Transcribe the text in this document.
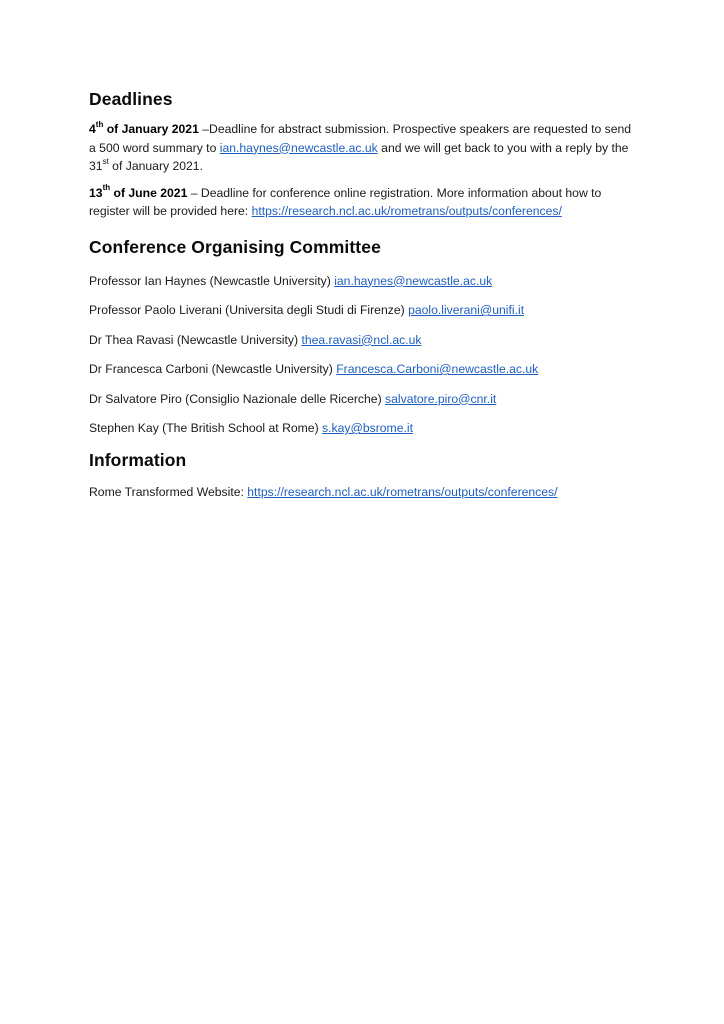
Deadlines

4th of January 2021 –Deadline for abstract submission. Prospective speakers are requested to send a 500 word summary to ian.haynes@newcastle.ac.uk and we will get back to you with a reply by the 31st of January 2021.

13th of June 2021 – Deadline for conference online registration. More information about how to register will be provided here: https://research.ncl.ac.uk/rometrans/outputs/conferences/

Conference Organising Committee

Professor Ian Haynes (Newcastle University) ian.haynes@newcastle.ac.uk

Professor Paolo Liverani (Universita degli Studi di Firenze) paolo.liverani@unifi.it

Dr Thea Ravasi (Newcastle University) thea.ravasi@ncl.ac.uk

Dr Francesca Carboni (Newcastle University) Francesca.Carboni@newcastle.ac.uk

Dr Salvatore Piro (Consiglio Nazionale delle Ricerche) salvatore.piro@cnr.it

Stephen Kay (The British School at Rome) s.kay@bsrome.it

Information

Rome Transformed Website: https://research.ncl.ac.uk/rometrans/outputs/conferences/
